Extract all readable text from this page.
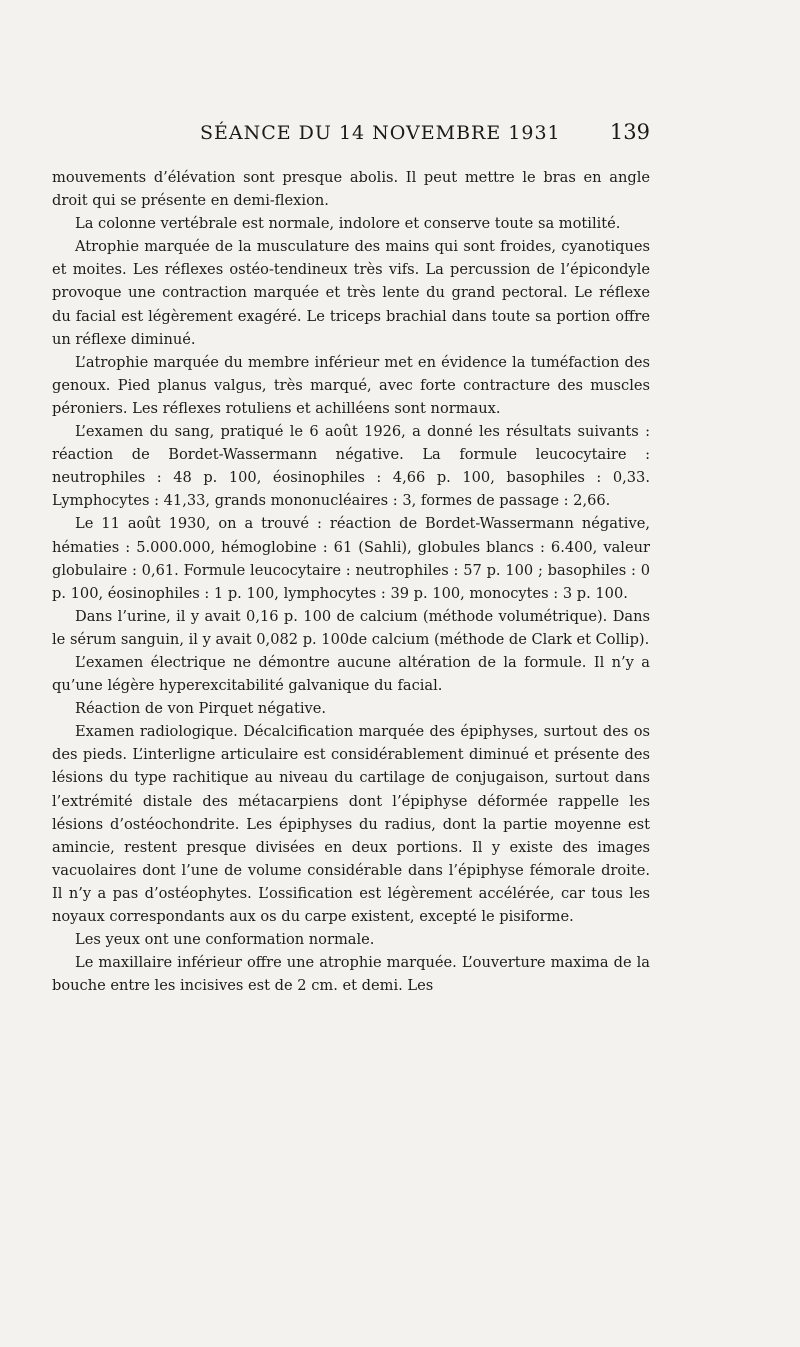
SÉANCE DU 14 NOVEMBRE 1931 139

mouvements d’élévation sont presque abolis. Il peut mettre le bras en angle droit qui se présente en demi-flexion.

La colonne vertébrale est normale, indolore et conserve toute sa motilité.

Atrophie marquée de la musculature des mains qui sont froides, cyanotiques et moites. Les réflexes ostéo-tendineux très vifs. La percussion de l’épicondyle provoque une contraction marquée et très lente du grand pectoral. Le réflexe du facial est légèrement exagéré. Le triceps brachial dans toute sa portion offre un réflexe diminué.

L’atrophie marquée du membre inférieur met en évidence la tuméfaction des genoux. Pied planus valgus, très marqué, avec forte contracture des muscles péroniers. Les réflexes rotuliens et achilléens sont normaux.

L’examen du sang, pratiqué le 6 août 1926, a donné les résultats suivants : réaction de Bordet-Wassermann négative. La formule leucocytaire : neutrophiles : 48 p. 100, éosinophiles : 4,66 p. 100, basophiles : 0,33. Lymphocytes : 41,33, grands mononucléaires : 3, formes de passage : 2,66.

Le 11 août 1930, on a trouvé : réaction de Bordet-Wassermann négative, hématies : 5.000.000, hémoglobine : 61 (Sahli), globules blancs : 6.400, valeur globulaire : 0,61. Formule leucocytaire : neutrophiles : 57 p. 100 ; basophiles : 0 p. 100, éosinophiles : 1 p. 100, lymphocytes : 39 p. 100, monocytes : 3 p. 100.

Dans l’urine, il y avait 0,16 p. 100 de calcium (méthode volumétrique). Dans le sérum sanguin, il y avait 0,082 p. 100de calcium (méthode de Clark et Collip).

L’examen électrique ne démontre aucune altération de la formule. Il n’y a qu’une légère hyperexcitabilité galvanique du facial.

Réaction de von Pirquet négative.

Examen radiologique. Décalcification marquée des épiphyses, surtout des os des pieds. L’interligne articulaire est considérablement diminué et présente des lésions du type rachitique au niveau du cartilage de conjugaison, surtout dans l’extrémité distale des métacarpiens dont l’épiphyse déformée rappelle les lésions d’ostéochondrite. Les épiphyses du radius, dont la partie moyenne est amincie, restent presque divisées en deux portions. Il y existe des images vacuolaires dont l’une de volume considérable dans l’épiphyse fémorale droite. Il n’y a pas d’ostéophytes. L’ossification est légèrement accélérée, car tous les noyaux correspondants aux os du carpe existent, excepté le pisiforme.

Les yeux ont une conformation normale.

Le maxillaire inférieur offre une atrophie marquée. L’ouverture maxima de la bouche entre les incisives est de 2 cm. et demi. Les
